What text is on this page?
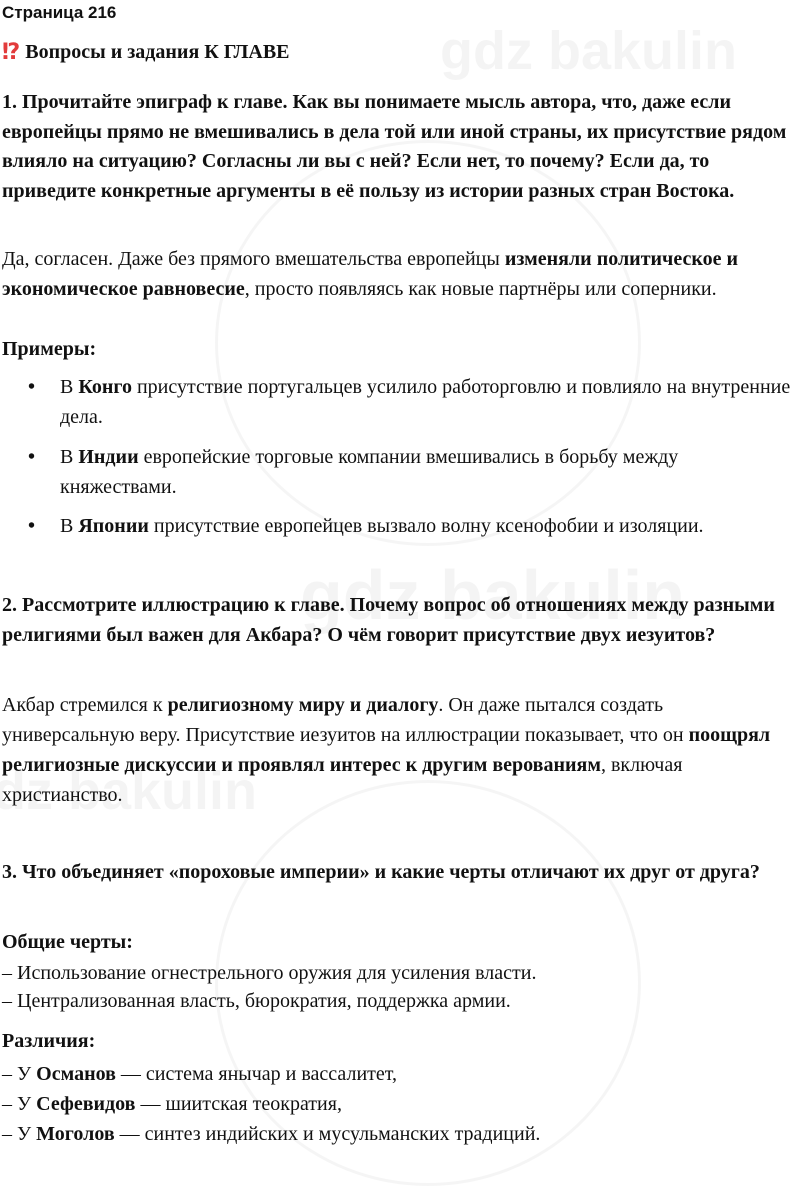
Страница 216
⁉ Вопросы и задания К ГЛАВЕ
1. Прочитайте эпиграф к главе. Как вы понимаете мысль автора, что, даже если европейцы прямо не вмешивались в дела той или иной страны, их присутствие рядом влияло на ситуацию? Согласны ли вы с ней? Если нет, то почему? Если да, то приведите конкретные аргументы в её пользу из истории разных стран Востока.
Да, согласен. Даже без прямого вмешательства европейцы изменяли политическое и экономическое равновесие, просто появляясь как новые партнёры или соперники.
Примеры:
• В Конго присутствие португальцев усилило работорговлю и повлияло на внутренние дела.
• В Индии европейские торговые компании вмешивались в борьбу между княжествами.
• В Японии присутствие европейцев вызвало волну ксенофобии и изоляции.
2. Рассмотрите иллюстрацию к главе. Почему вопрос об отношениях между разными религиями был важен для Акбара? О чём говорит присутствие двух иезуитов?
Акбар стремился к религиозному миру и диалогу. Он даже пытался создать универсальную веру. Присутствие иезуитов на иллюстрации показывает, что он поощрял религиозные дискуссии и проявлял интерес к другим верованиям, включая христианство.
3. Что объединяет «пороховые империи» и какие черты отличают их друг от друга?
Общие черты:
– Использование огнестрельного оружия для усиления власти.
– Централизованная власть, бюрократия, поддержка армии.
Различия:
– У Османов — система янычар и вассалитет,
– У Сефевидов — шиитская теократия,
– У Моголов — синтез индийских и мусульманских традиций.
